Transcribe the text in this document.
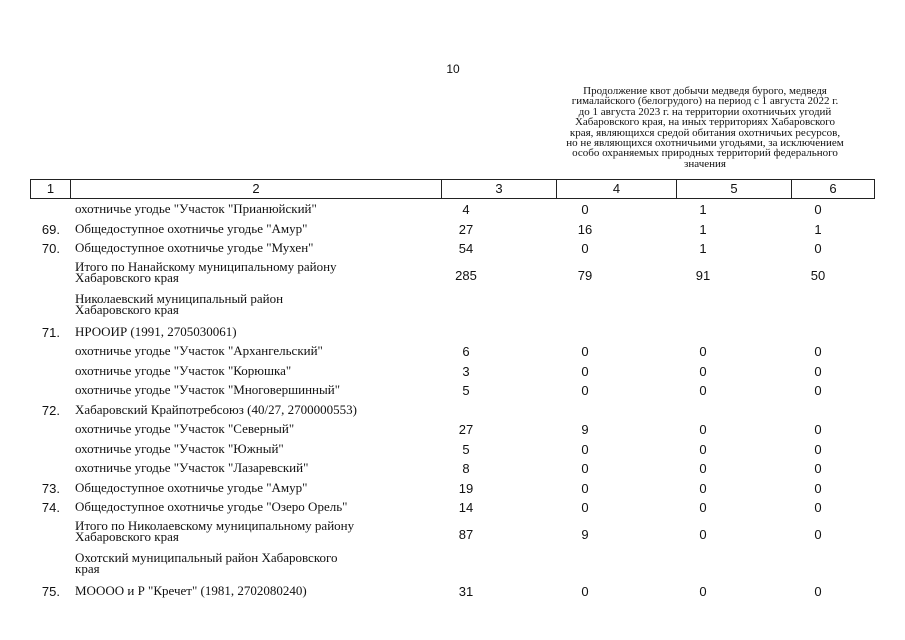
10
Продолжение квот добычи медведя бурого, медведя
гималайского (белогрудого) на период с 1 августа 2022 г.
до 1 августа 2023 г. на территории охотничьих угодий
Хабаровского края, на иных территориях Хабаровского
края, являющихся средой обитания охотничьих ресурсов,
но не являющихся охотничьими угодьями, за исключением
особо охраняемых природных территорий федерального
значения
1	2	3	4	5	6
охотничье угодье "Участок "Прианюйский"	4	0	1	0
69. Общедоступное охотничье угодье "Амур"	27	16	1	1
70. Общедоступное охотничье угодье "Мухен"	54	0	1	0
Итого по Нанайскому муниципальному району
Хабаровского края	285	79	91	50
Николаевский муниципальный район
Хабаровского края
71. НРООИР (1991, 2705030061)
охотничье угодье "Участок "Архангельский"	6	0	0	0
охотничье угодье "Участок "Корюшка"	3	0	0	0
охотничье угодье "Участок "Многовершинный"	5	0	0	0
72. Хабаровский Крайпотребсоюз (40/27, 2700000553)
охотничье угодье "Участок "Северный"	27	9	0	0
охотничье угодье "Участок "Южный"	5	0	0	0
охотничье угодье "Участок "Лазаревский"	8	0	0	0
73. Общедоступное охотничье угодье "Амур"	19	0	0	0
74. Общедоступное охотничье угодье "Озеро Орель"	14	0	0	0
Итого по Николаевскому муниципальному району
Хабаровского края	87	9	0	0
Охотский муниципальный район Хабаровского
края
75. МОООО и Р "Кречет" (1981, 2702080240)	31	0	0	0
